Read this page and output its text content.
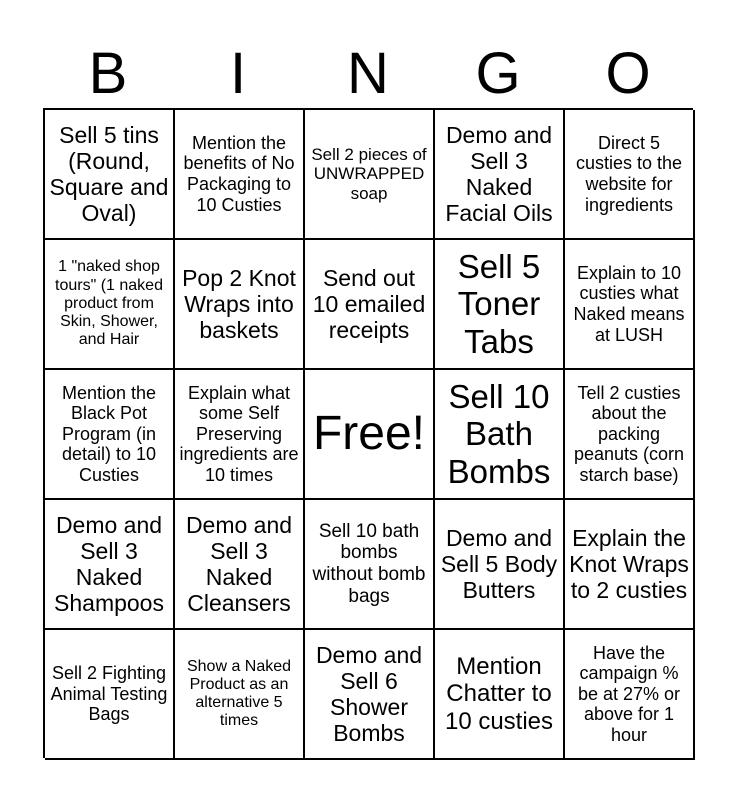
B	I	N	G	O
Sell 5 tins (Round, Square and Oval)
Mention the benefits of No Packaging to 10 Custies
Sell 2 pieces of UNWRAPPED soap
Demo and Sell 3 Naked Facial Oils
Direct 5 custies to the website for ingredients
1 "naked shop tours" (1 naked product from Skin, Shower, and Hair
Pop 2 Knot Wraps into baskets
Send out 10 emailed receipts
Sell 5 Toner Tabs
Explain to 10 custies what Naked means at LUSH
Mention the Black Pot Program (in detail) to 10 Custies
Explain what some Self Preserving ingredients are 10 times
Free!
Sell 10 Bath Bombs
Tell 2 custies about the packing peanuts (corn starch base)
Demo and Sell 3 Naked Shampoos
Demo and Sell 3 Naked Cleansers
Sell 10 bath bombs without bomb bags
Demo and Sell 5 Body Butters
Explain the Knot Wraps to 2 custies
Sell 2 Fighting Animal Testing Bags
Show a Naked Product as an alternative 5 times
Demo and Sell 6 Shower Bombs
Mention Chatter to 10 custies
Have the campaign % be at 27% or above for 1 hour
